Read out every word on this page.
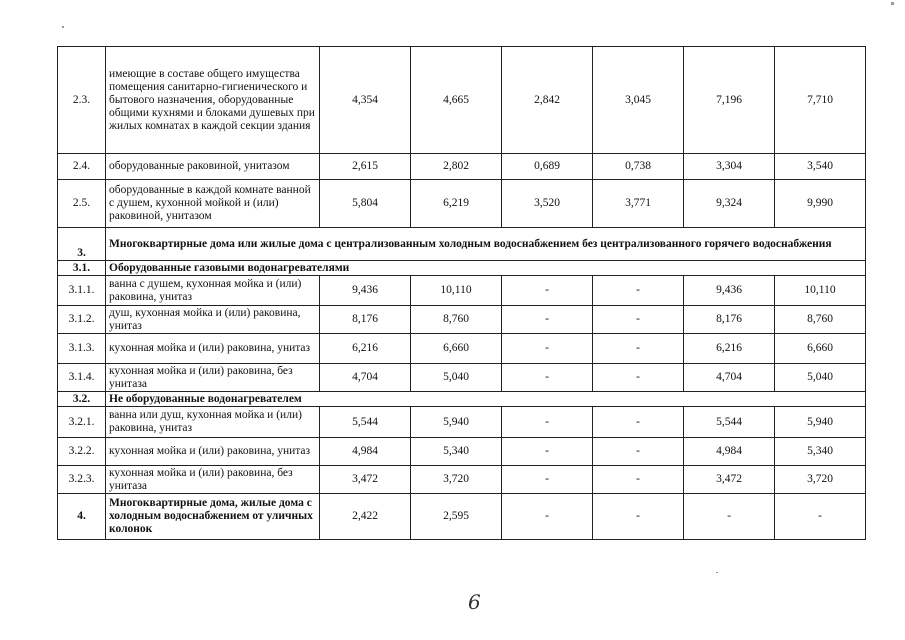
2.3.	имеющие в составе общего имущества помещения санитарно-гигиенического и бытового назначения, оборудованные общими кухнями и блоками душевых при жилых комнатах в каждой секции здания	4,354	4,665	2,842	3,045	7,196	7,710
2.4.	оборудованные раковиной, унитазом	2,615	2,802	0,689	0,738	3,304	3,540
2.5.	оборудованные в каждой комнате ванной с душем, кухонной мойкой и (или) раковиной, унитазом	5,804	6,219	3,520	3,771	9,324	9,990
3.	Многоквартирные дома или жилые дома с централизованным холодным водоснабжением без централизованного горячего водоснабжения						
3.1.	Оборудованные газовыми водонагревателями						
3.1.1.	ванна с душем, кухонная мойка и (или) раковина, унитаз	9,436	10,110	-	-	9,436	10,110
3.1.2.	душ, кухонная мойка и (или) раковина, унитаз	8,176	8,760	-	-	8,176	8,760
3.1.3.	кухонная мойка и (или) раковина, унитаз	6,216	6,660	-	-	6,216	6,660
3.1.4.	кухонная мойка и (или) раковина, без унитаза	4,704	5,040	-	-	4,704	5,040
3.2.	Не оборудованные водонагревателем						
3.2.1.	ванна или душ, кухонная мойка и (или) раковина, унитаз	5,544	5,940	-	-	5,544	5,940
3.2.2.	кухонная мойка и (или) раковина, унитаз	4,984	5,340	-	-	4,984	5,340
3.2.3.	кухонная мойка и (или) раковина, без унитаза	3,472	3,720	-	-	3,472	3,720
4.	Многоквартирные дома, жилые дома с холодным водоснабжением от уличных колонок	2,422	2,595	-	-	-	-
6
